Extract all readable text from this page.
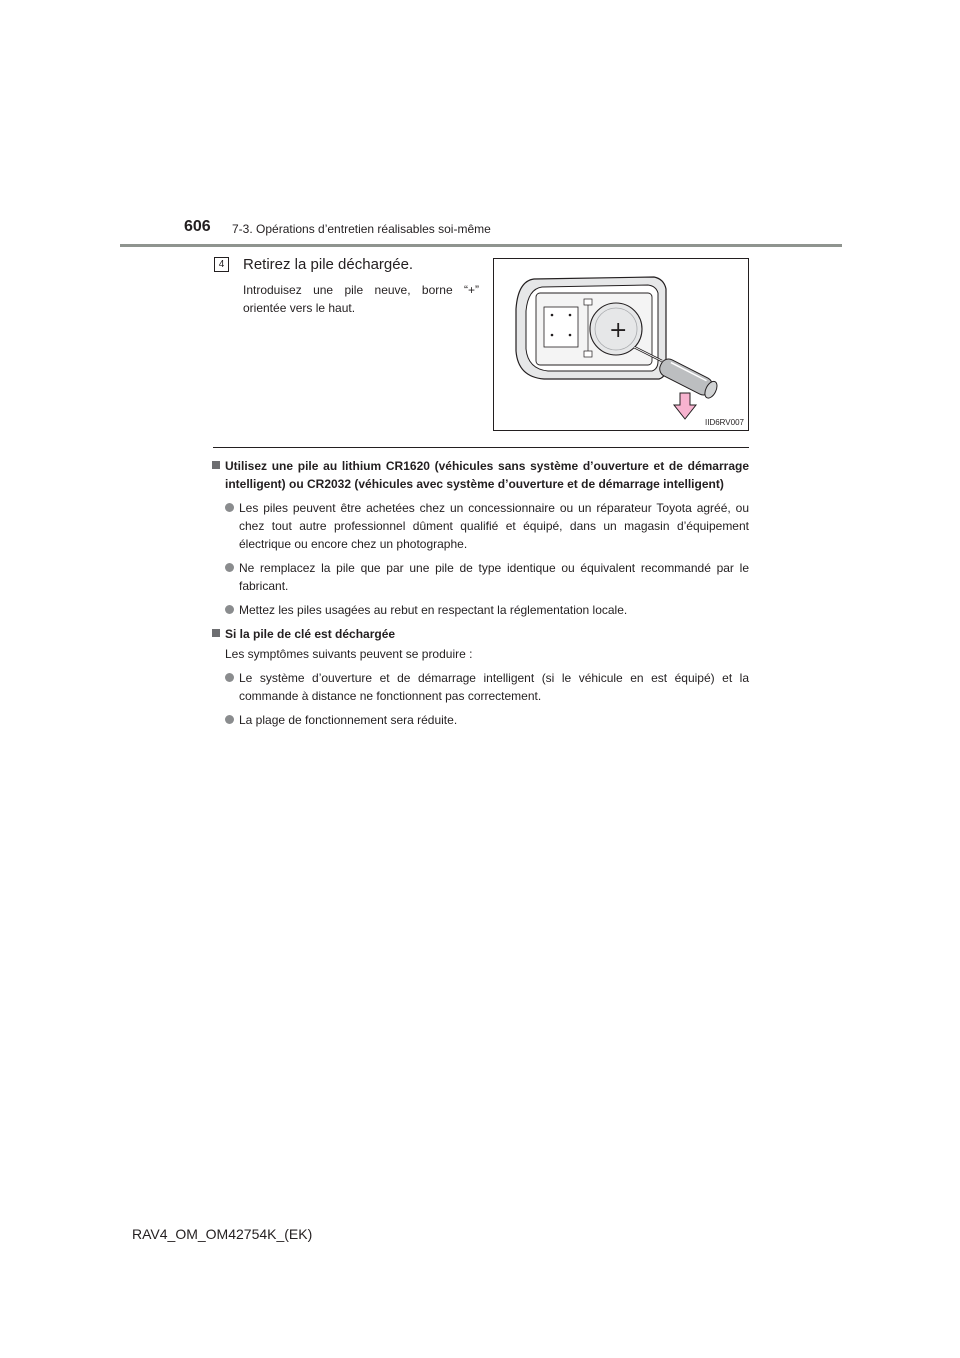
606 7-3. Opérations d’entretien réalisables soi-même
4	Retirez la pile déchargée.
Introduisez une pile neuve, borne “+” orientée vers le haut.
+
IID6RV007
Utilisez une pile au lithium CR1620 (véhicules sans système d’ouverture et de démarrage intelligent) ou CR2032 (véhicules avec système d’ouverture et de démarrage intelligent)
Les piles peuvent être achetées chez un concessionnaire ou un réparateur Toyota agréé, ou chez tout autre professionnel dûment qualifié et équipé, dans un magasin d’équipement électrique ou encore chez un photographe.
Ne remplacez la pile que par une pile de type identique ou équivalent recommandé par le fabricant.
Mettez les piles usagées au rebut en respectant la réglementation locale.
Si la pile de clé est déchargée
Les symptômes suivants peuvent se produire :
Le système d’ouverture et de démarrage intelligent (si le véhicule en est équipé) et la commande à distance ne fonctionnent pas correctement.
La plage de fonctionnement sera réduite.
RAV4_OM_OM42754K_(EK)
